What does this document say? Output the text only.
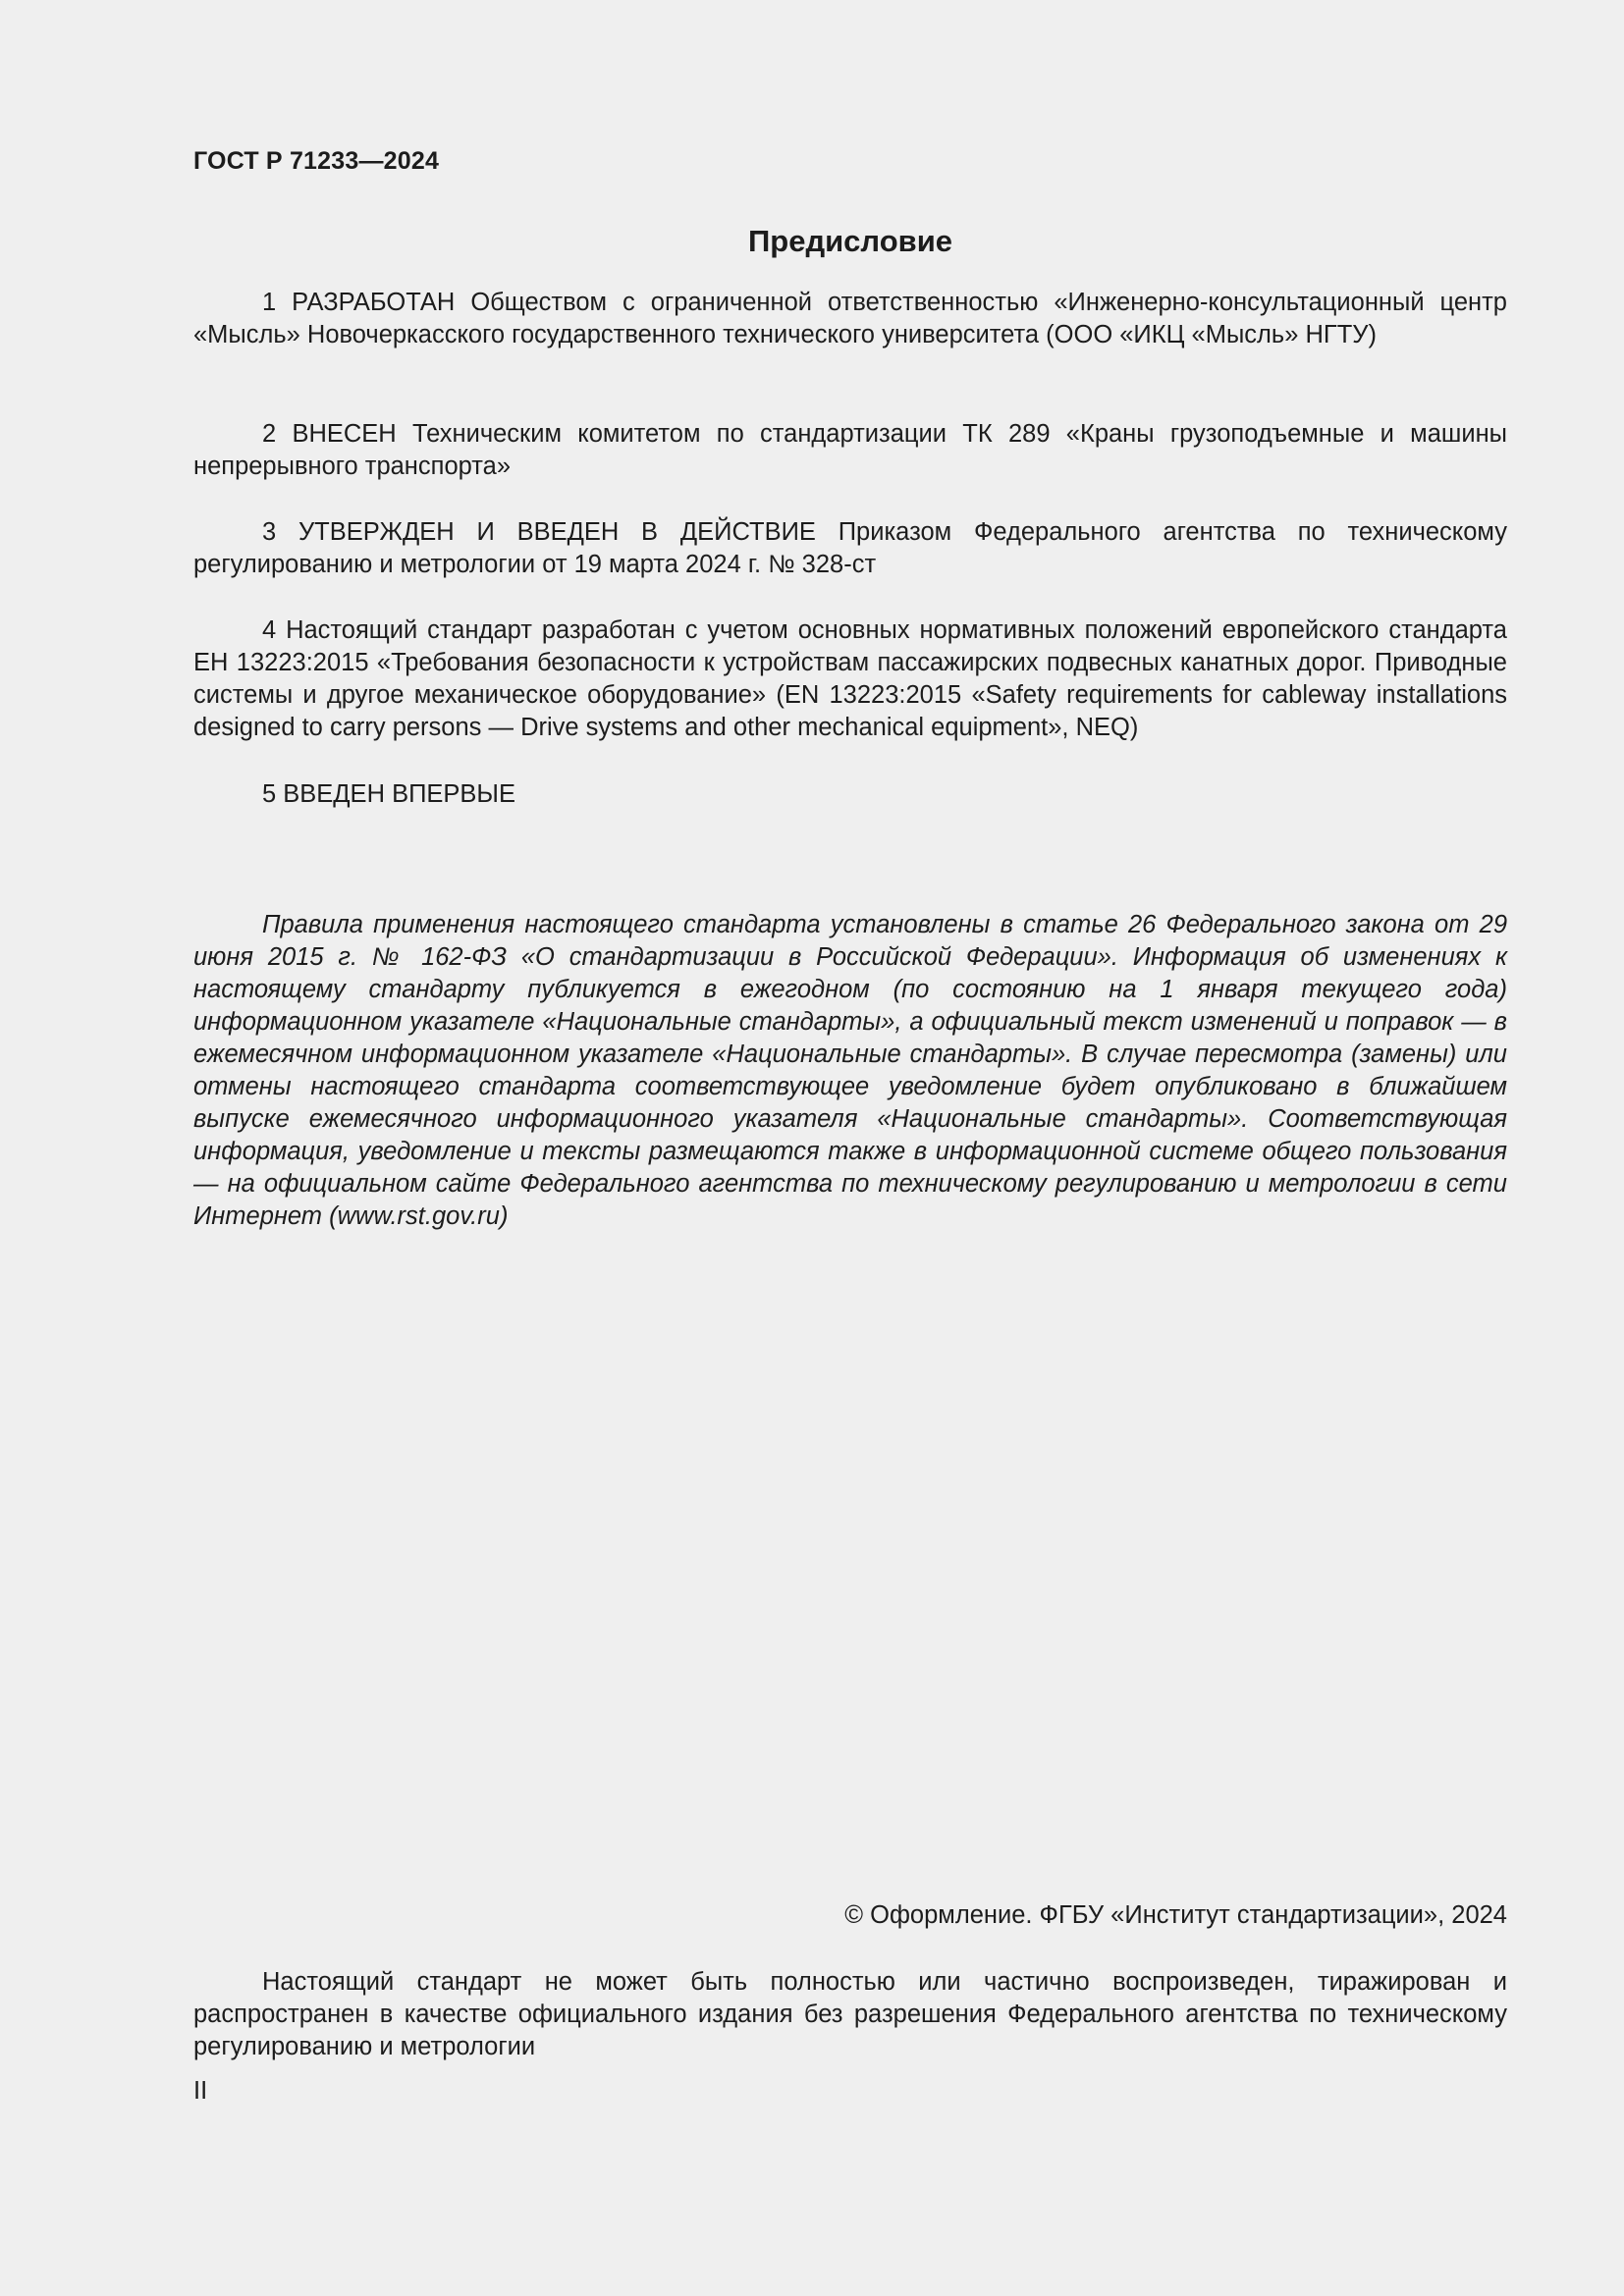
ГОСТ Р 71233—2024
Предисловие

1 РАЗРАБОТАН Обществом с ограниченной ответственностью «Инженерно-консультационный центр «Мысль» Новочеркасского государственного технического университета (ООО «ИКЦ «Мысль» НГТУ)

2 ВНЕСЕН Техническим комитетом по стандартизации ТК 289 «Краны грузоподъемные и машины непрерывного транспорта»

3 УТВЕРЖДЕН И ВВЕДЕН В ДЕЙСТВИЕ Приказом Федерального агентства по техническому регулированию и метрологии от 19 марта 2024 г. № 328-ст

4 Настоящий стандарт разработан с учетом основных нормативных положений европейского стандарта ЕН 13223:2015 «Требования безопасности к устройствам пассажирских подвесных канатных дорог. Приводные системы и другое механическое оборудование» (EN 13223:2015 «Safety requirements for cableway installations designed to carry persons — Drive systems and other mechanical equipment», NEQ)

5 ВВЕДЕН ВПЕРВЫЕ

Правила применения настоящего стандарта установлены в статье 26 Федерального закона от 29 июня 2015 г. № 162-ФЗ «О стандартизации в Российской Федерации». Информация об изменениях к настоящему стандарту публикуется в ежегодном (по состоянию на 1 января текущего года) информационном указателе «Национальные стандарты», а официальный текст изменений и поправок — в ежемесячном информационном указателе «Национальные стандарты». В случае пересмотра (замены) или отмены настоящего стандарта соответствующее уведомление будет опубликовано в ближайшем выпуске ежемесячного информационного указателя «Национальные стандарты». Соответствующая информация, уведомление и тексты размещаются также в информационной системе общего пользования — на официальном сайте Федерального агентства по техническому регулированию и метрологии в сети Интернет (www.rst.gov.ru)

© Оформление. ФГБУ «Институт стандартизации», 2024

Настоящий стандарт не может быть полностью или частично воспроизведен, тиражирован и распространен в качестве официального издания без разрешения Федерального агентства по техническому регулированию и метрологии

II
